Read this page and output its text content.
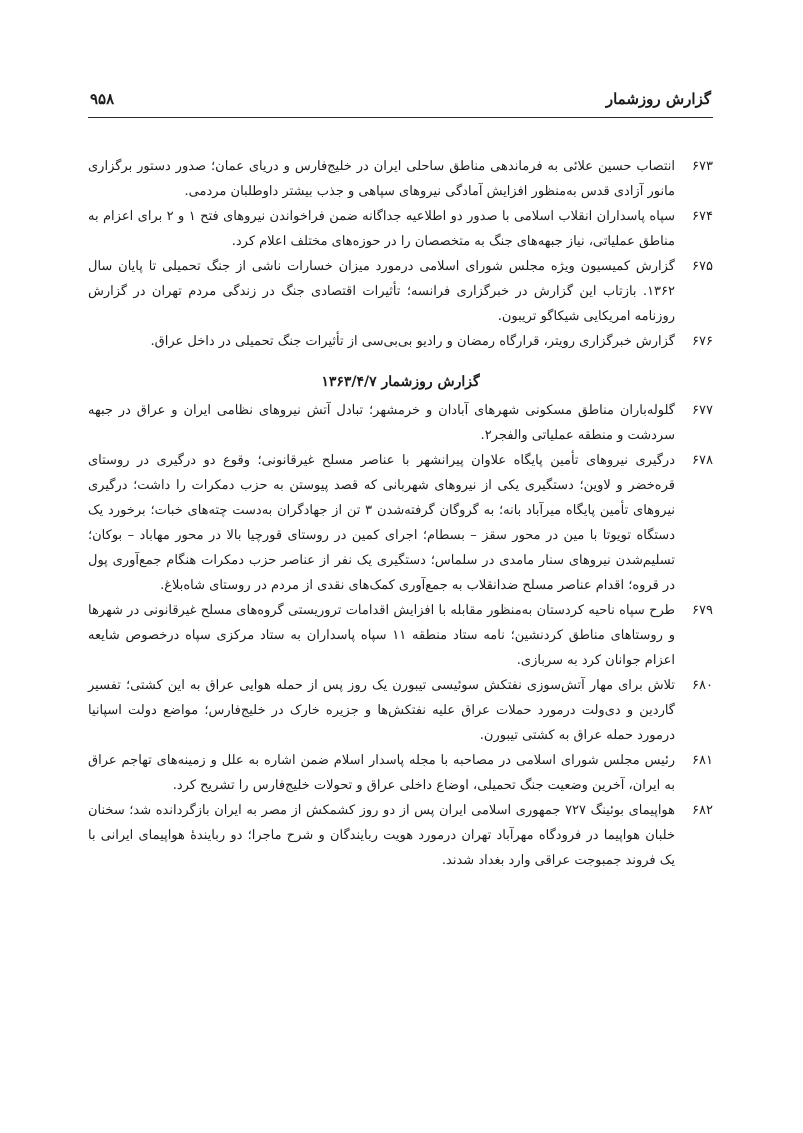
گزارش روزشمار
۹۵۸
۶۷۳
انتصاب حسین علائی به فرماندهی مناطق ساحلی ایران در خلیج‌فارس و دریای عمان؛ صدور دستور برگزاری مانور آزادی قدس به‌منظور افزایش آمادگی نیروهای سپاهی و جذب بیشتر داوطلبان مردمی.
۶۷۴
سپاه پاسداران انقلاب اسلامی با صدور دو اطلاعیه جداگانه ضمن فراخواندن نیروهای فتح ۱ و ۲ برای اعزام به مناطق عملیاتی، نیاز جبهه‌های جنگ به متخصصان را در حوزه‌های مختلف اعلام کرد.
۶۷۵
گزارش کمیسیون ویژه مجلس شورای اسلامی درمورد میزان خسارات ناشی از جنگ تحمیلی تا پایان سال ۱۳۶۲. بازتاب این گزارش در خبرگزاری فرانسه؛ تأثیرات اقتصادی جنگ در زندگی مردم تهران در گزارش روزنامه امریکایی شیکاگو تریبون.
۶۷۶
گزارش خبرگزاری رویتر، قرارگاه رمضان و رادیو بی‌بی‌سی از تأثیرات جنگ تحمیلی در داخل عراق.
گزارش روزشمار ۱۳۶۳/۴/۷
۶۷۷
گلوله‌باران مناطق مسکونی شهرهای آبادان و خرمشهر؛ تبادل آتش نیروهای نظامی ایران و عراق در جبهه سردشت و منطقه عملیاتی والفجر۲.
۶۷۸
درگیری نیروهای تأمین پایگاه علاوان پیرانشهر با عناصر مسلح غیرقانونی؛ وقوع دو درگیری در روستای قره‌خضر و لاوین؛ دستگیری یکی از نیروهای شهربانی که قصد پیوستن به حزب دمکرات را داشت؛ درگیری نیروهای تأمین پایگاه میرآباد بانه؛ به گروگان گرفته‌شدن ۳ تن از جهادگران به‌دست چته‌های خبات؛ برخورد یک دستگاه تویوتا با مین در محور سقز – بسطام؛ اجرای کمین در روستای قورچیا بالا در محور مهاباد – بوکان؛ تسلیم‌شدن نیروهای سنار مامدی در سلماس؛ دستگیری یک نفر از عناصر حزب دمکرات هنگام جمع‌آوری پول در قروه؛ اقدام عناصر مسلح ضدانقلاب به جمع‌آوری کمک‌های نقدی از مردم در روستای شاه‌بلاغ.
۶۷۹
طرح سپاه ناحیه کردستان به‌منظور مقابله با افزایش اقدامات تروریستی گروه‌های مسلح غیرقانونی در شهرها و روستاهای مناطق کردنشین؛ نامه ستاد منطقه ۱۱ سپاه پاسداران به ستاد مرکزی سپاه درخصوص شایعه اعزام جوانان کرد به سربازی.
۶۸۰
تلاش برای مهار آتش‌سوزی نفتکش سوئیسی تیبورن یک روز پس از حمله هوایی عراق به این کشتی؛ تفسیر گاردین و دی‌ولت درمورد حملات عراق علیه نفتکش‌ها و جزیره خارک در خلیج‌فارس؛ مواضع دولت اسپانیا درمورد حمله عراق به کشتی تیبورن.
۶۸۱
رئیس مجلس شورای اسلامی در مصاحبه با مجله پاسدار اسلام ضمن اشاره به علل و زمینه‌های تهاجم عراق به ایران، آخرین وضعیت جنگ تحمیلی، اوضاع داخلی عراق و تحولات خلیج‌فارس را تشریح کرد.
۶۸۲
هواپیمای بوئینگ ۷۲۷ جمهوری اسلامی ایران پس از دو روز کشمکش از مصر به ایران بازگردانده شد؛ سخنان خلبان هواپیما در فرودگاه مهرآباد تهران درمورد هویت ربایندگان و شرح ماجرا؛ دو ربایندهٔ هواپیمای ایرانی با یک فروند جمبوجت عراقی وارد بغداد شدند.
